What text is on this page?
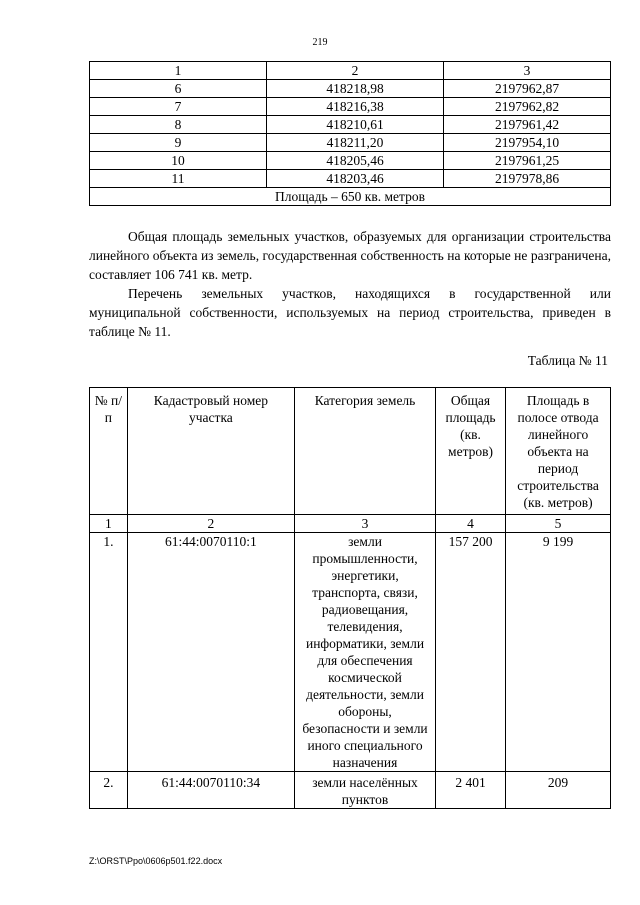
219
1	2	3
6	418218,98	2197962,87
7	418216,38	2197962,82
8	418210,61	2197961,42
9	418211,20	2197954,10
10	418205,46	2197961,25
11	418203,46	2197978,86
Площадь – 650 кв. метров		

Общая площадь земельных участков, образуемых для организации строительства линейного объекта из земель, государственная собственность на которые не разграничена, составляет 106 741 кв. метр.

Перечень земельных участков, находящихся в государственной или муниципальной собственности, используемых на период строительства, приведен в таблице № 11.

Таблица № 11
№ п/п	Кадастровый номер участка	Категория земель	Общая площадь (кв. метров)	Площадь в полосе отвода линейного объекта на период строительства (кв. метров)
1	2	3	4	5
1.	61:44:0070110:1	земли промышленности, энергетики, транспорта, связи, радиовещания, телевидения, информатики, земли для обеспечения космической деятельности, земли обороны, безопасности и земли иного специального назначения	157 200	9 199
2.	61:44:0070110:34	земли населённых пунктов	2 401	209
Z:\ORST\Ppo\0606p501.f22.docx
